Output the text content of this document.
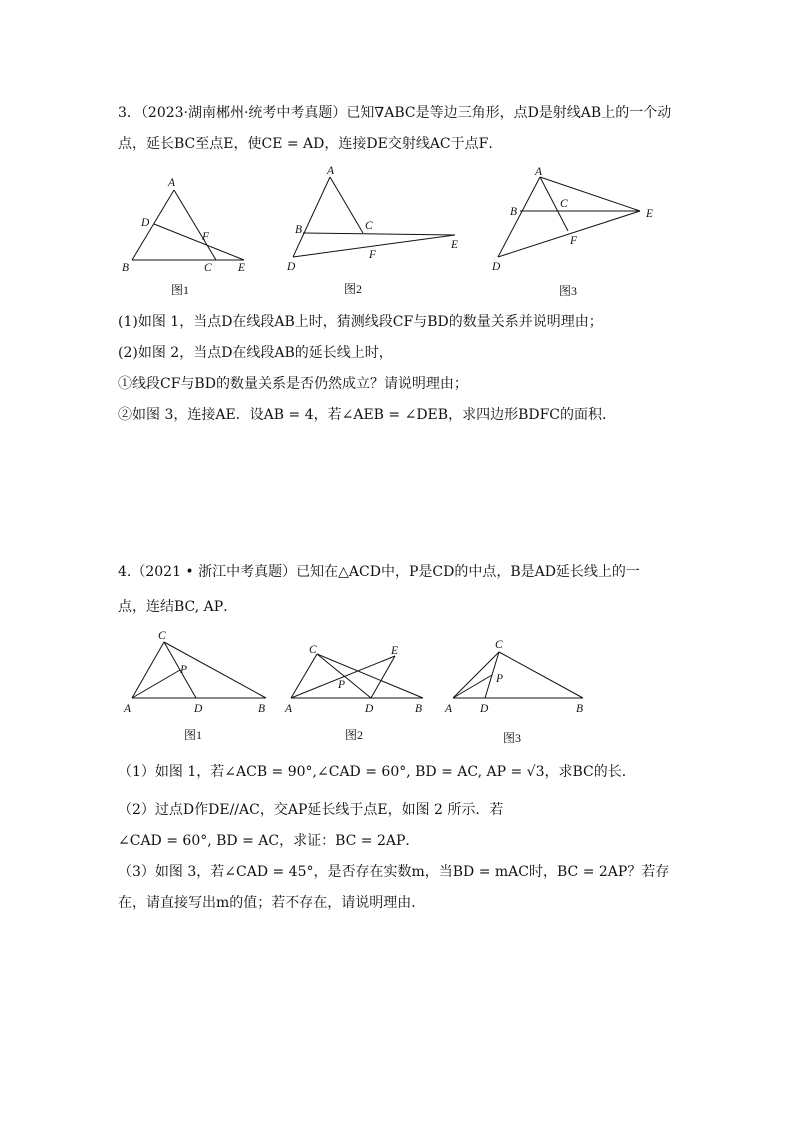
3．（2023·湖南郴州·统考中考真题）已知∇ABC是等边三角形，点D是射线AB上的一个动
点，延长BC至点E，使CE = AD，连接DE交射线AC于点F．
A
B	C
D
E
F
图1
A
B	C
D
E
F
图2
A
B
C
D
E
F
图3
(1)如图 1，当点D在线段AB上时，猜测线段CF与BD的数量关系并说明理由；
(2)如图 2，当点D在线段AB的延长线上时，
①线段CF与BD的数量关系是否仍然成立？请说明理由；
②如图 3，连接AE．设AB = 4，若∠AEB = ∠DEB，求四边形BDFC的面积．
4.（2021 • 浙江中考真题）已知在△ACD中，P是CD的中点，B是AD延长线上的一
点，连结BC, AP．
C
P
A	D	B
图1
C	E
P
A	D	B
图2
C
P
A D	B
图3
（1）如图 1，若∠ACB = 90°,∠CAD = 60°, BD = AC, AP = √3，求BC的长．
（2）过点D作DE//AC，交AP延长线于点E，如图 2 所示．若
∠CAD = 60°, BD = AC，求证：BC = 2AP．
（3）如图 3，若∠CAD = 45°，是否存在实数m，当BD = mAC时，BC = 2AP？若存
在，请直接写出m的值；若不存在，请说明理由．
